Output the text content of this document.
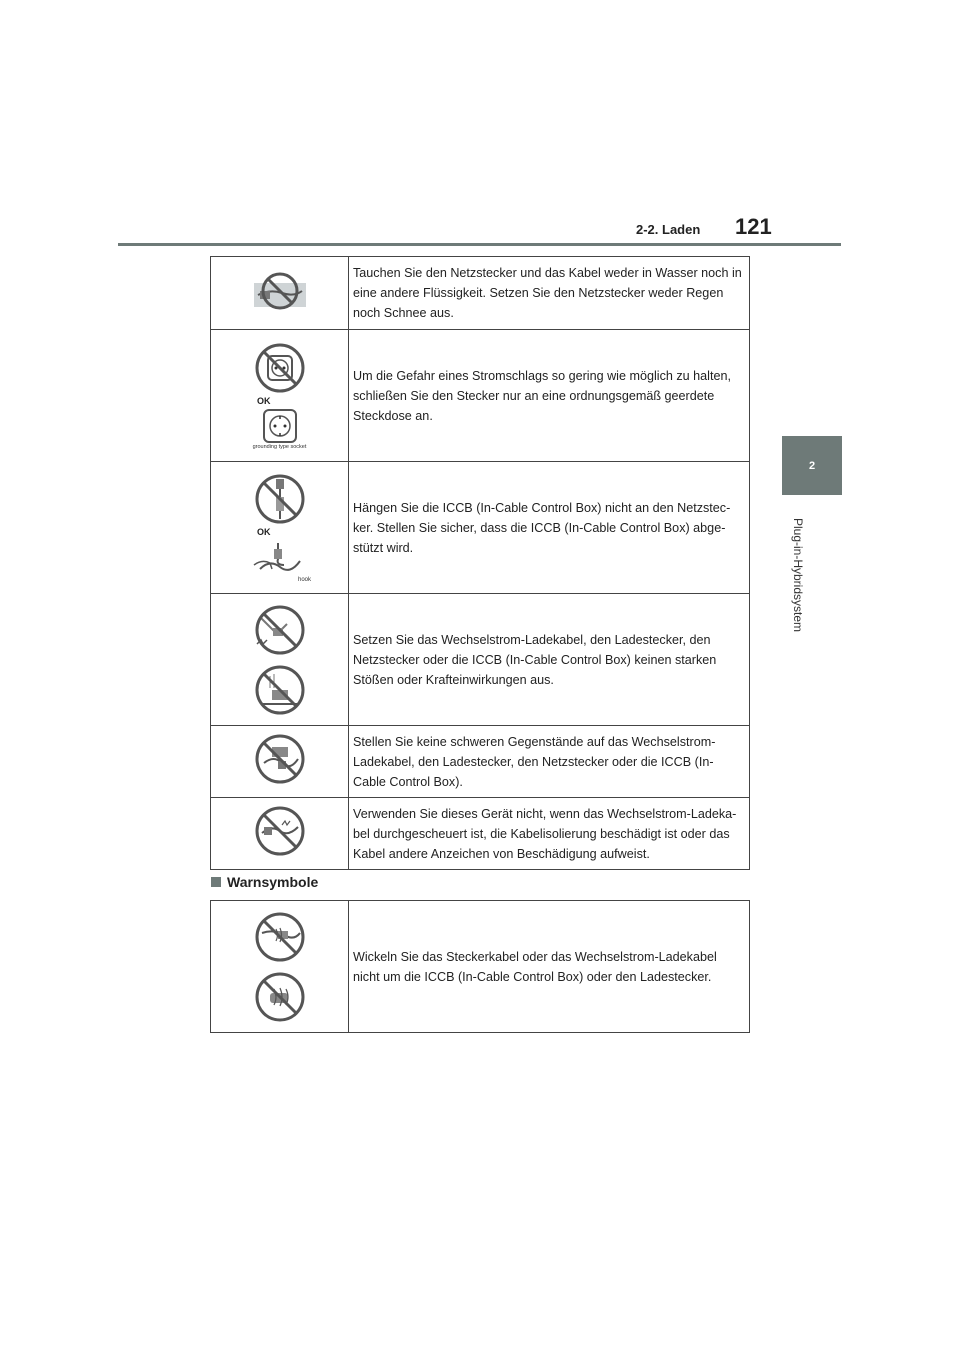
2-2. Laden 121
2
Plug-in-Hybridsystem
	Tauchen Sie den Netzstecker und das Kabel weder in Wasser noch in eine andere Flüssigkeit. Setzen Sie den Netzstecker weder Regen noch Schnee aus.

OK
grounding type socket	Um die Gefahr eines Stromschlags so gering wie möglich zu halten, schließen Sie den Stecker nur an eine ordnungsgemäß geerdete Steckdose an.

OK
hook	Hängen Sie die ICCB (In-Cable Control Box) nicht an den Netzstec-ker. Stellen Sie sicher, dass die ICCB (In-Cable Control Box) abge-stützt wird.

	Setzen Sie das Wechselstrom-Ladekabel, den Ladestecker, den Netzstecker oder die ICCB (In-Cable Control Box) keinen starken Stößen oder Krafteinwirkungen aus.
	Stellen Sie keine schweren Gegenstände auf das Wechselstrom-Ladekabel, den Ladestecker, den Netzstecker oder die ICCB (In-Cable Control Box).
	Verwenden Sie dieses Gerät nicht, wenn das Wechselstrom-Ladeka-bel durchgescheuert ist, die Kabelisolierung beschädigt ist oder das Kabel andere Anzeichen von Beschädigung aufweist.
Warnsymbole
	Wickeln Sie das Steckerkabel oder das Wechselstrom-Ladekabel nicht um die ICCB (In-Cable Control Box) oder den Ladestecker.
